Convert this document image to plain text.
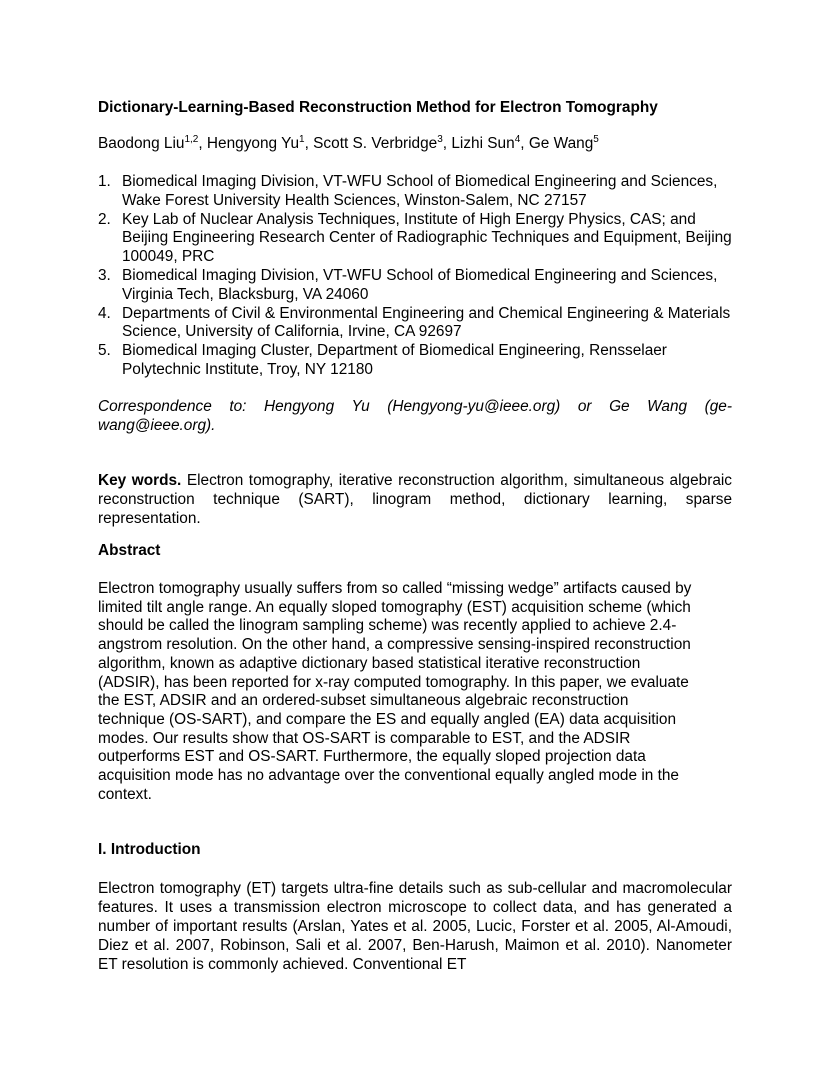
Dictionary-Learning-Based Reconstruction Method for Electron Tomography
Baodong Liu$^{1,2}$, Hengyong Yu$^1$, Scott S. Verbridge$^3$, Lizhi Sun$^4$, Ge Wang$^5$
1. Biomedical Imaging Division, VT-WFU School of Biomedical Engineering and Sciences, Wake Forest University Health Sciences, Winston-Salem, NC 27157
2. Key Lab of Nuclear Analysis Techniques, Institute of High Energy Physics, CAS; and Beijing Engineering Research Center of Radiographic Techniques and Equipment, Beijing 100049, PRC
3. Biomedical Imaging Division, VT-WFU School of Biomedical Engineering and Sciences, Virginia Tech, Blacksburg, VA 24060
4. Departments of Civil & Environmental Engineering and Chemical Engineering & Materials Science, University of California, Irvine, CA 92697
5. Biomedical Imaging Cluster, Department of Biomedical Engineering, Rensselaer Polytechnic Institute, Troy, NY 12180
Correspondence to: Hengyong Yu (Hengyong-yu@ieee.org) or Ge Wang (ge-wang@ieee.org).
Key words. Electron tomography, iterative reconstruction algorithm, simultaneous algebraic reconstruction technique (SART), linogram method, dictionary learning, sparse representation.
Abstract
Electron tomography usually suffers from so called “missing wedge” artifacts caused by
limited tilt angle range. An equally sloped tomography (EST) acquisition scheme (which
should be called the linogram sampling scheme) was recently applied to achieve 2.4-
angstrom resolution. On the other hand, a compressive sensing-inspired reconstruction
algorithm, known as adaptive dictionary based statistical iterative reconstruction
(ADSIR), has been reported for x-ray computed tomography. In this paper, we evaluate
the EST, ADSIR and an ordered-subset simultaneous algebraic reconstruction
technique (OS-SART), and compare the ES and equally angled (EA) data acquisition
modes. Our results show that OS-SART is comparable to EST, and the ADSIR
outperforms EST and OS-SART. Furthermore, the equally sloped projection data
acquisition mode has no advantage over the conventional equally angled mode in the
context.
I. Introduction
Electron tomography (ET) targets ultra-fine details such as sub-cellular and macromolecular features. It uses a transmission electron microscope to collect data, and has generated a number of important results (Arslan, Yates et al. 2005, Lucic, Forster et al. 2005, Al-Amoudi, Diez et al. 2007, Robinson, Sali et al. 2007, Ben-Harush, Maimon et al. 2010). Nanometer ET resolution is commonly achieved. Conventional ET
